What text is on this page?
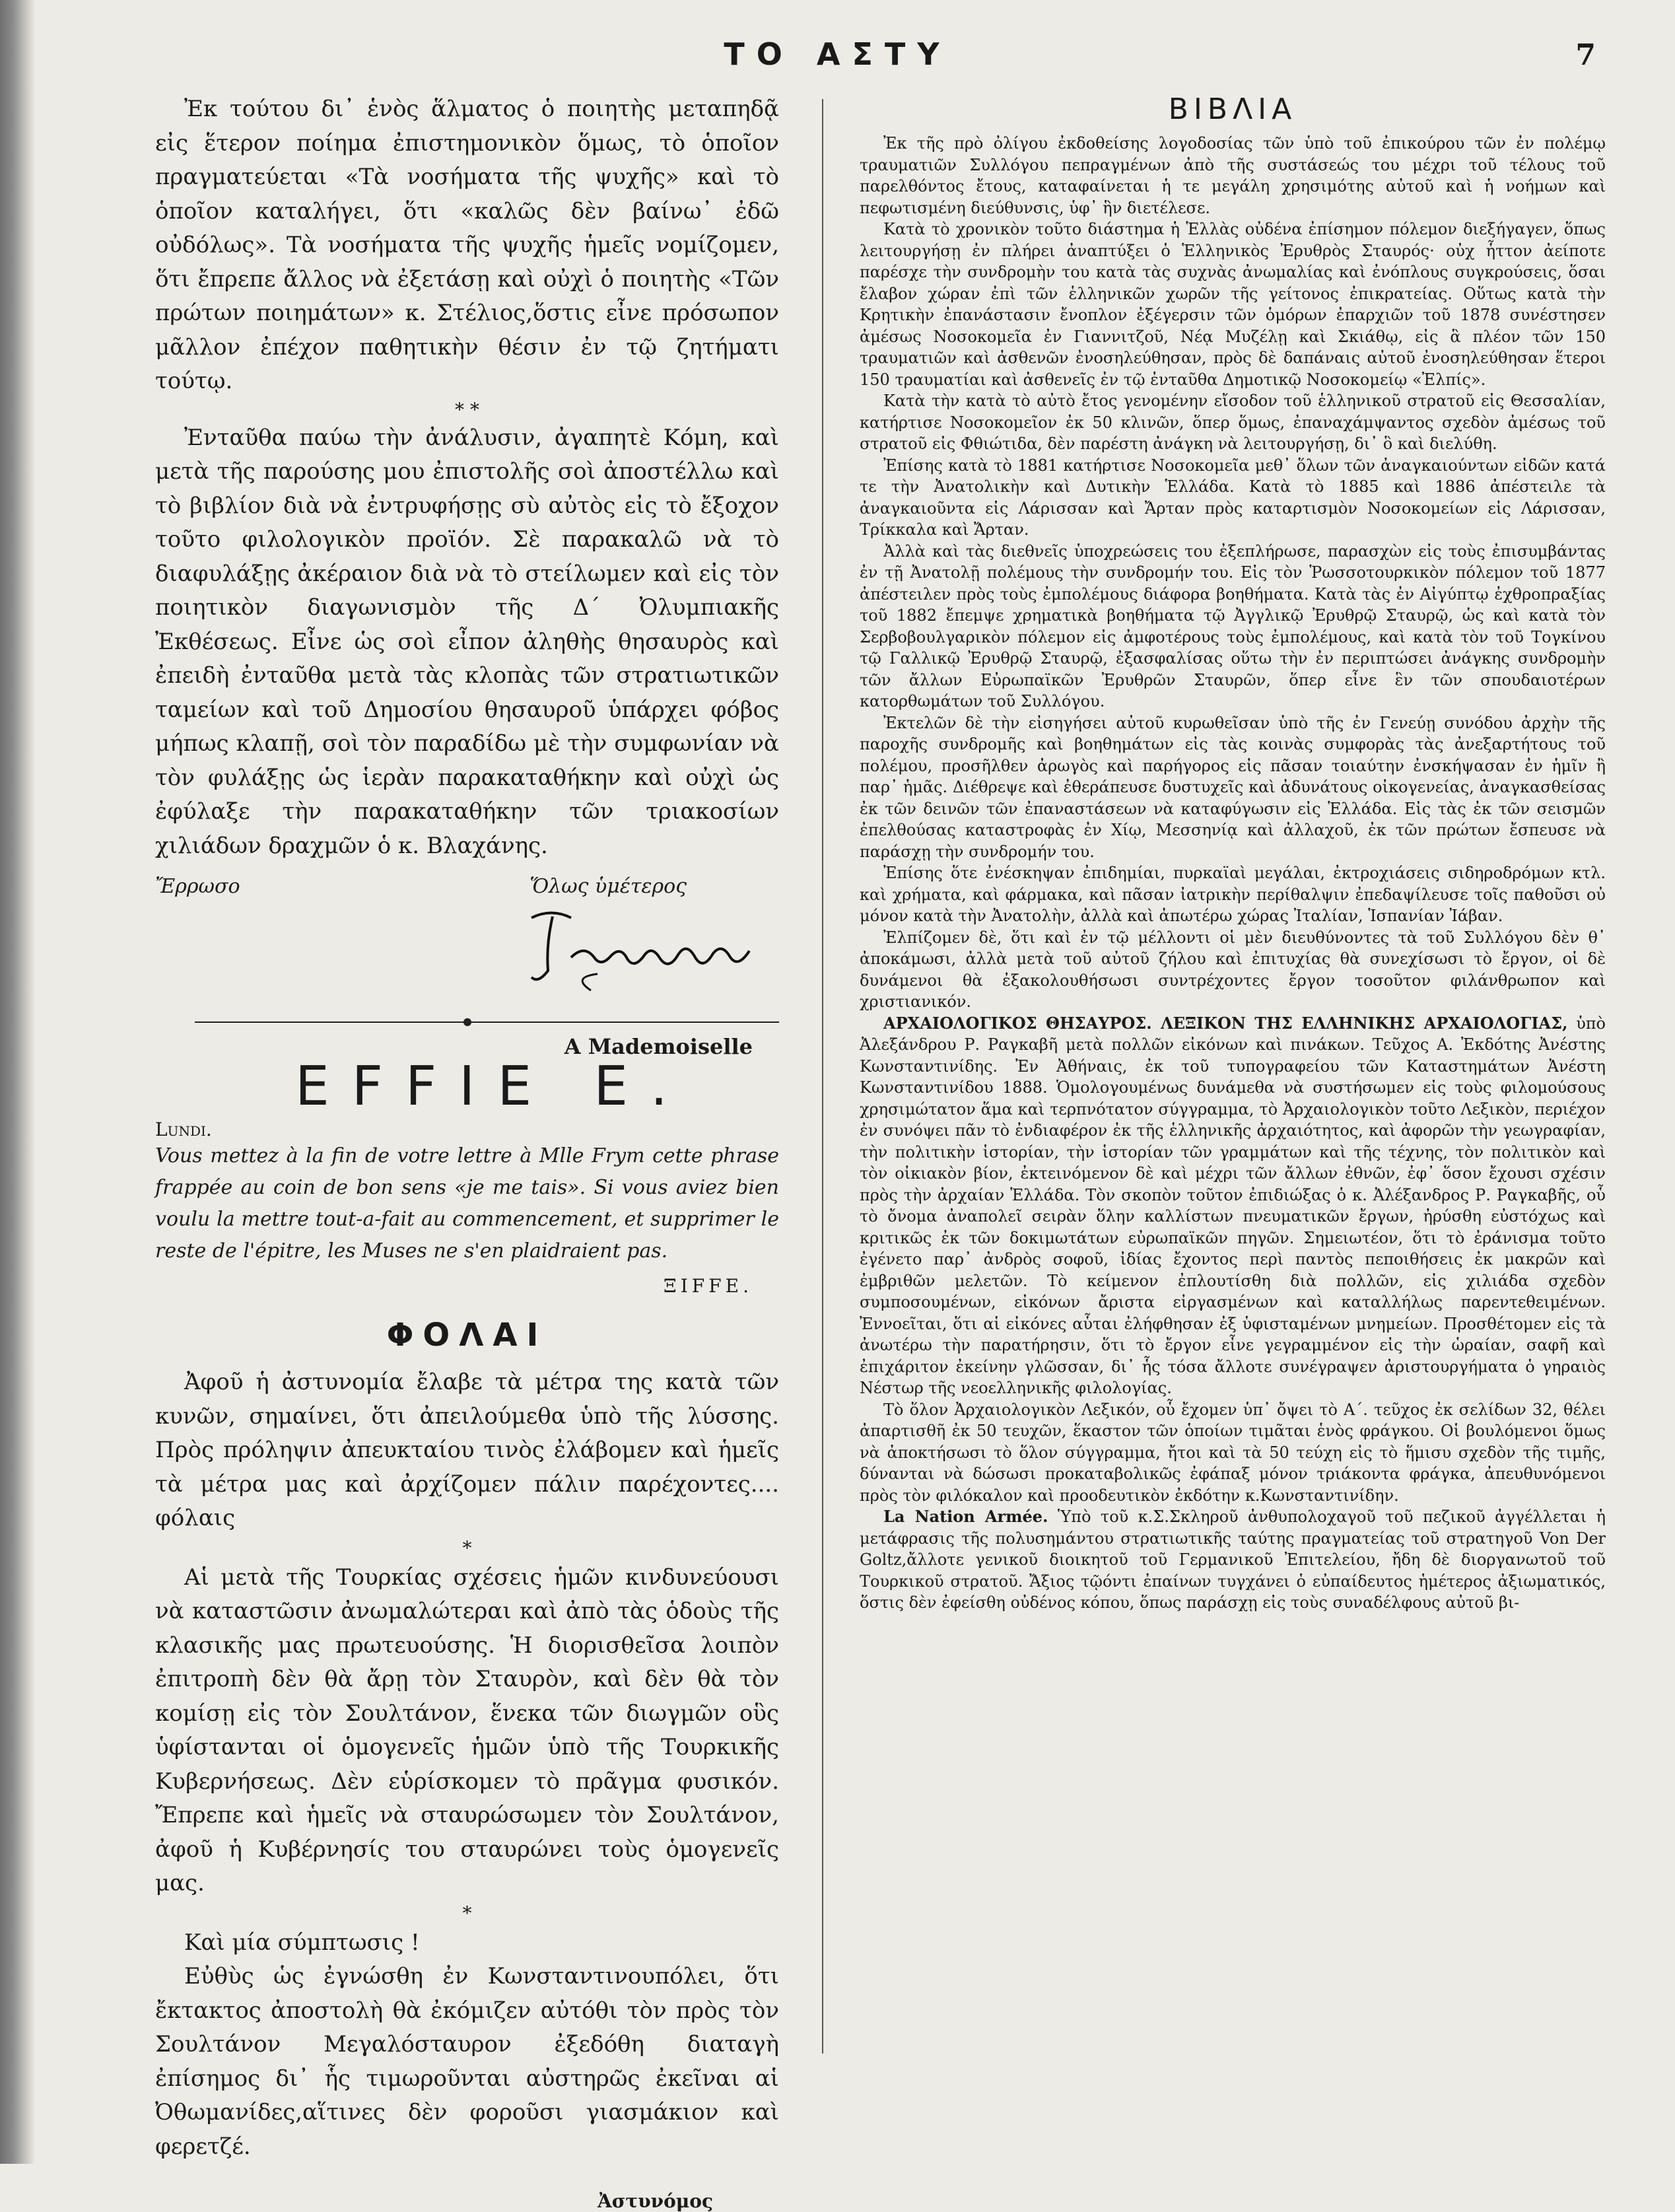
ΤΟ ΑΣΤΥ	7

Ἐκ τούτου δι᾿ ἑνὸς ἅλματος ὁ ποιητὴς μεταπηδᾷ εἰς ἕτερον ποίημα ἐπιστημονικὸν ὅμως, τὸ ὁποῖον πραγματεύεται «Τὰ νοσήματα τῆς ψυχῆς» καὶ τὸ ὁποῖον καταλήγει, ὅτι «καλῶς δὲν βαίνω᾿ ἐδῶ οὐδόλως». Τὰ νοσήματα τῆς ψυχῆς ἡμεῖς νομίζομεν, ὅτι ἔπρεπε ἄλλος νὰ ἐξετάσῃ καὶ οὐχὶ ὁ ποιητὴς «Τῶν πρώτων ποιημάτων» κ. Στέλιος,ὅστις εἶνε πρόσωπον μᾶλλον ἐπέχον παθητικὴν θέσιν ἐν τῷ ζητήματι τούτῳ.

* *

Ἐνταῦθα παύω τὴν ἀνάλυσιν, ἀγαπητὲ Κόμη, καὶ μετὰ τῆς παρούσης μου ἐπιστολῆς σοὶ ἀποστέλλω καὶ τὸ βιβλίον διὰ νὰ ἐντρυφήσῃς σὺ αὐτὸς εἰς τὸ ἔξοχον τοῦτο φιλολογικὸν προϊόν. Σὲ παρακαλῶ νὰ τὸ διαφυλάξῃς ἀκέραιον διὰ νὰ τὸ στείλωμεν καὶ εἰς τὸν ποιητικὸν διαγωνισμὸν τῆς Δ΄ Ὀλυμπιακῆς Ἐκθέσεως. Εἶνε ὡς σοὶ εἶπον ἀληθὴς θησαυρὸς καὶ ἐπειδὴ ἐνταῦθα μετὰ τὰς κλοπὰς τῶν στρατιωτικῶν ταμείων καὶ τοῦ Δημοσίου θησαυροῦ ὑπάρχει φόβος μήπως κλαπῇ, σοὶ τὸν παραδίδω μὲ τὴν συμφωνίαν νὰ τὸν φυλάξῃς ὡς ἱερὰν παρακαταθήκην καὶ οὐχὶ ὡς ἐφύλαξε τὴν παρακαταθήκην τῶν τριακοσίων χιλιάδων δραχμῶν ὁ κ. Βλαχάνης.

Ἔρρωσο	Ὅλως ὑμέτερος
A Mademoiselle
EFFIE E.
Lundi.

Vous mettez à la fin de votre lettre à Mlle Frym cette phrase frappée au coin de bon sens «je me tais». Si vous aviez bien voulu la mettre tout-a-fait au commencement, et supprimer le reste de l'épitre, les Muses ne s'en plaidraient pas.

ΞIFFE.
ΦΟΛΑΙ

Ἀφοῦ ἡ ἀστυνομία ἔλαβε τὰ μέτρα της κατὰ τῶν κυνῶν, σημαίνει, ὅτι ἀπειλούμεθα ὑπὸ τῆς λύσσης. Πρὸς πρόληψιν ἀπευκταίου τινὸς ἐλάβομεν καὶ ἡμεῖς τὰ μέτρα μας καὶ ἀρχίζομεν πάλιν παρέχοντες.... φόλαις

*

Αἱ μετὰ τῆς Τουρκίας σχέσεις ἡμῶν κινδυνεύουσι νὰ καταστῶσιν ἀνωμαλώτεραι καὶ ἀπὸ τὰς ὁδοὺς τῆς κλασικῆς μας πρωτευούσης. Ἡ διορισθεῖσα λοιπὸν ἐπιτροπὴ δὲν θὰ ἄρῃ τὸν Σταυρὸν, καὶ δὲν θὰ τὸν κομίσῃ εἰς τὸν Σουλτάνον, ἕνεκα τῶν διωγμῶν οὓς ὑφίστανται οἱ ὁμογενεῖς ἡμῶν ὑπὸ τῆς Τουρκικῆς Κυβερνήσεως. Δὲν εὑρίσκομεν τὸ πρᾶγμα φυσικόν. Ἔπρεπε καὶ ἡμεῖς νὰ σταυρώσωμεν τὸν Σουλτάνον, ἀφοῦ ἡ Κυβέρνησίς του σταυρώνει τοὺς ὁμογενεῖς μας.

*

Καὶ μία σύμπτωσις !

Εὐθὺς ὡς ἐγνώσθη ἐν Κωνσταντινουπόλει, ὅτι ἔκτακτος ἀποστολὴ θὰ ἐκόμιζεν αὐτόθι τὸν πρὸς τὸν Σουλτάνον Μεγαλόσταυρον ἐξεδόθη διαταγὴ ἐπίσημος δι᾿ ἧς τιμωροῦνται αὐστηρῶς ἐκεῖναι αἱ Ὀθωμανίδες,αἵτινες δὲν φοροῦσι γιασμάκιον καὶ φερετζέ.

Ἀστυνόμος
ΒΙΒΛΙΑ

Ἐκ τῆς πρὸ ὀλίγου ἐκδοθείσης λογοδοσίας τῶν ὑπὸ τοῦ ἐπικούρου τῶν ἐν πολέμῳ τραυματιῶν Συλλόγου πεπραγμένων ἀπὸ τῆς συστάσεώς του μέχρι τοῦ τέλους τοῦ παρελθόντος ἔτους, καταφαίνεται ἡ τε μεγάλη χρησιμότης αὐτοῦ καὶ ἡ νοήμων καὶ πεφωτισμένη διεύθυνσις, ὑφ᾿ ἣν διετέλεσε.

Κατὰ τὸ χρονικὸν τοῦτο διάστημα ἡ Ἑλλὰς οὐδένα ἐπίσημον πόλεμον διεξήγαγεν, ὅπως λειτουργήσῃ ἐν πλήρει ἀναπτύξει ὁ Ἑλληνικὸς Ἐρυθρὸς Σταυρός· οὐχ ἧττον ἀείποτε παρέσχε τὴν συνδρομὴν του κατὰ τὰς συχνὰς ἀνωμαλίας καὶ ἐνόπλους συγκρούσεις, ὅσαι ἔλαβον χώραν ἐπὶ τῶν ἑλληνικῶν χωρῶν τῆς γείτονος ἐπικρατείας. Οὕτως κατὰ τὴν Κρητικὴν ἐπανάστασιν ἔνοπλον ἐξέγερσιν τῶν ὁμόρων ἐπαρχιῶν τοῦ 1878 συνέστησεν ἀμέσως Νοσοκομεῖα ἐν Γιαννιτζοῦ, Νέᾳ Μυζέλῃ καὶ Σκιάθῳ, εἰς ἃ πλέον τῶν 150 τραυματιῶν καὶ ἀσθενῶν ἐνοσηλεύθησαν, πρὸς δὲ δαπάναις αὐτοῦ ἐνοσηλεύθησαν ἕτεροι 150 τραυματίαι καὶ ἀσθενεῖς ἐν τῷ ἐνταῦθα Δημοτικῷ Νοσοκομείῳ «Ἐλπίς».

Κατὰ τὴν κατὰ τὸ αὐτὸ ἔτος γενομένην εἴσοδον τοῦ ἑλληνικοῦ στρατοῦ εἰς Θεσσαλίαν, κατήρτισε Νοσοκομεῖον ἐκ 50 κλινῶν, ὅπερ ὅμως, ἐπαναχάμψαντος σχεδὸν ἀμέσως τοῦ στρατοῦ εἰς Φθιώτιδα, δὲν παρέστη ἀνάγκη νὰ λειτουργήσῃ, δι᾿ ὃ καὶ διελύθη.

Ἐπίσης κατὰ τὸ 1881 κατήρτισε Νοσοκομεῖα μεθ᾿ ὅλων τῶν ἀναγκαιούντων εἰδῶν κατά τε τὴν Ἀνατολικὴν καὶ Δυτικὴν Ἑλλάδα. Κατὰ τὸ 1885 καὶ 1886 ἀπέστειλε τὰ ἀναγκαιοῦντα εἰς Λάρισσαν καὶ Ἄρταν πρὸς καταρτισμὸν Νοσοκομείων εἰς Λάρισσαν, Τρίκκαλα καὶ Ἄρταν.

Ἀλλὰ καὶ τὰς διεθνεῖς ὑποχρεώσεις του ἐξεπλήρωσε, παρασχὼν εἰς τοὺς ἐπισυμβάντας ἐν τῇ Ἀνατολῇ πολέμους τὴν συνδρομήν του. Εἰς τὸν Ῥωσσοτουρκικὸν πόλεμον τοῦ 1877 ἀπέστειλεν πρὸς τοὺς ἐμπολέμους διάφορα βοηθήματα. Κατὰ τὰς ἐν Αἰγύπτῳ ἐχθροπραξίας τοῦ 1882 ἔπεμψε χρηματικὰ βοηθήματα τῷ Ἀγγλικῷ Ἐρυθρῷ Σταυρῷ, ὡς καὶ κατὰ τὸν Σερβοβουλγαρικὸν πόλεμον εἰς ἀμφοτέρους τοὺς ἐμπολέμους, καὶ κατὰ τὸν τοῦ Τογκίνου τῷ Γαλλικῷ Ἐρυθρῷ Σταυρῷ, ἐξασφαλίσας οὕτω τὴν ἐν περιπτώσει ἀνάγκης συνδρομὴν τῶν ἄλλων Εὐρωπαϊκῶν Ἐρυθρῶν Σταυρῶν, ὅπερ εἶνε ἓν τῶν σπουδαιοτέρων κατορθωμάτων τοῦ Συλλόγου.

Ἐκτελῶν δὲ τὴν εἰσηγήσει αὐτοῦ κυρωθεῖσαν ὑπὸ τῆς ἐν Γενεύῃ συνόδου ἀρχὴν τῆς παροχῆς συνδρομῆς καὶ βοηθημάτων εἰς τὰς κοινὰς συμφορὰς τὰς ἀνεξαρτήτους τοῦ πολέμου, προσῆλθεν ἀρωγὸς καὶ παρήγορος εἰς πᾶσαν τοιαύτην ἐνσκήψασαν ἐν ἡμῖν ἢ παρ᾿ ἡμᾶς. Διέθρεψε καὶ ἐθεράπευσε δυστυχεῖς καὶ ἀδυνάτους οἰκογενείας, ἀναγκασθείσας ἐκ τῶν δεινῶν τῶν ἐπαναστάσεων νὰ καταφύγωσιν εἰς Ἑλλάδα. Εἰς τὰς ἐκ τῶν σεισμῶν ἐπελθούσας καταστροφὰς ἐν Χίῳ, Μεσσηνίᾳ καὶ ἀλλαχοῦ, ἐκ τῶν πρώτων ἔσπευσε νὰ παράσχῃ τὴν συνδρομήν του.

Ἐπίσης ὅτε ἐνέσκηψαν ἐπιδημίαι, πυρκαϊαὶ μεγάλαι, ἐκτροχιάσεις σιδηροδρόμων κτλ. καὶ χρήματα, καὶ φάρμακα, καὶ πᾶσαν ἰατρικὴν περίθαλψιν ἐπεδαψίλευσε τοῖς παθοῦσι οὐ μόνον κατὰ τὴν Ἀνατολὴν, ἀλλὰ καὶ ἀπωτέρω χώρας Ἰταλίαν, Ἱσπανίαν Ἰάβαν.

Ἐλπίζομεν δὲ, ὅτι καὶ ἐν τῷ μέλλοντι οἱ μὲν διευθύνοντες τὰ τοῦ Συλλόγου δὲν θ᾿ ἀποκάμωσι, ἀλλὰ μετὰ τοῦ αὐτοῦ ζήλου καὶ ἐπιτυχίας θὰ συνεχίσωσι τὸ ἔργον, οἱ δὲ δυνάμενοι θὰ ἐξακολουθήσωσι συντρέχοντες ἔργον τοσοῦτον φιλάνθρωπον καὶ χριστιανικόν.

ΑΡΧΑΙΟΛΟΓΙΚΟΣ ΘΗΣΑΥΡΟΣ. ΛΕΞΙΚΟΝ ΤΗΣ ΕΛΛΗΝΙΚΗΣ ΑΡΧΑΙΟΛΟΓΙΑΣ, ὑπὸ Ἀλεξάνδρου Ρ. Ραγκαβῆ μετὰ πολλῶν εἰκόνων καὶ πινάκων. Τεῦχος Α. Ἐκδότης Ἀνέστης Κωνσταντινίδης. Ἐν Ἀθήναις, ἐκ τοῦ τυπογραφείου τῶν Καταστημάτων Ἀνέστη Κωνσταντινίδου 1888. Ὁμολογουμένως δυνάμεθα νὰ συστήσωμεν εἰς τοὺς φιλομούσους χρησιμώτατον ἅμα καὶ τερπνότατον σύγγραμμα, τὸ Ἀρχαιολογικὸν τοῦτο Λεξικὸν, περιέχον ἐν συνόψει πᾶν τὸ ἐνδιαφέρον ἐκ τῆς ἑλληνικῆς ἀρχαιότητος, καὶ ἀφορῶν τὴν γεωγραφίαν, τὴν πολιτικὴν ἱστορίαν, τὴν ἱστορίαν τῶν γραμμάτων καὶ τῆς τέχνης, τὸν πολιτικὸν καὶ τὸν οἰκιακὸν βίον, ἐκτεινόμενον δὲ καὶ μέχρι τῶν ἄλλων ἐθνῶν, ἐφ᾿ ὅσον ἔχουσι σχέσιν πρὸς τὴν ἀρχαίαν Ἑλλάδα. Τὸν σκοπὸν τοῦτον ἐπιδιώξας ὁ κ. Ἀλέξανδρος Ρ. Ραγκαβῆς, οὗ τὸ ὄνομα ἀναπολεῖ σειρὰν ὅλην καλλίστων πνευματικῶν ἔργων, ἠρύσθη εὐστόχως καὶ κριτικῶς ἐκ τῶν δοκιμωτάτων εὐρωπαϊκῶν πηγῶν. Σημειωτέον, ὅτι τὸ ἐράνισμα τοῦτο ἐγένετο παρ᾿ ἀνδρὸς σοφοῦ, ἰδίας ἔχοντος περὶ παντὸς πεποιθήσεις ἐκ μακρῶν καὶ ἐμβριθῶν μελετῶν. Τὸ κείμενον ἐπλουτίσθη διὰ πολλῶν, εἰς χιλιάδα σχεδὸν συμποσουμένων, εἰκόνων ἄριστα εἰργασμένων καὶ καταλλήλως παρεντεθειμένων. Ἐννοεῖται, ὅτι αἱ εἰκόνες αὗται ἐλήφθησαν ἐξ ὑφισταμένων μνημείων. Προσθέτομεν εἰς τὰ ἀνωτέρω τὴν παρατήρησιν, ὅτι τὸ ἔργον εἶνε γεγραμμένον εἰς τὴν ὡραίαν, σαφῆ καὶ ἐπιχάριτον ἐκείνην γλῶσσαν, δι᾿ ἧς τόσα ἄλλοτε συνέγραψεν ἀριστουργήματα ὁ γηραιὸς Νέστωρ τῆς νεοελληνικῆς φιλολογίας.

Τὸ ὅλον Ἀρχαιολογικὸν Λεξικόν, οὗ ἔχομεν ὑπ᾿ ὄψει τὸ Α΄. τεῦχος ἐκ σελίδων 32, θέλει ἀπαρτισθῆ ἐκ 50 τευχῶν, ἕκαστον τῶν ὁποίων τιμᾶται ἑνὸς φράγκου. Οἱ βουλόμενοι ὅμως νὰ ἀποκτήσωσι τὸ ὅλον σύγγραμμα, ἤτοι καὶ τὰ 50 τεύχη εἰς τὸ ἥμισυ σχεδὸν τῆς τιμῆς, δύνανται νὰ δώσωσι προκαταβολικῶς ἐφάπαξ μόνον τριάκοντα φράγκα, ἀπευθυνόμενοι πρὸς τὸν φιλόκαλον καὶ προοδευτικὸν ἐκδότην κ.Κωνσταντινίδην.

La Nation Armée. Ὑπὸ τοῦ κ.Σ.Σκληροῦ ἀνθυπολοχαγοῦ τοῦ πεζικοῦ ἀγγέλλεται ἡ μετάφρασις τῆς πολυσημάντου στρατιωτικῆς ταύτης πραγματείας τοῦ στρατηγοῦ Von Der Goltz,ἄλλοτε γενικοῦ διοικητοῦ τοῦ Γερμανικοῦ Ἐπιτελείου, ἤδη δὲ διοργανωτοῦ τοῦ Τουρκικοῦ στρατοῦ. Ἄξιος τῷόντι ἐπαίνων τυγχάνει ὁ εὐπαίδευτος ἡμέτερος ἀξιωματικός, ὅστις δὲν ἐφείσθη οὐδένος κόπου, ὅπως παράσχῃ εἰς τοὺς συναδέλφους αὐτοῦ βι-
